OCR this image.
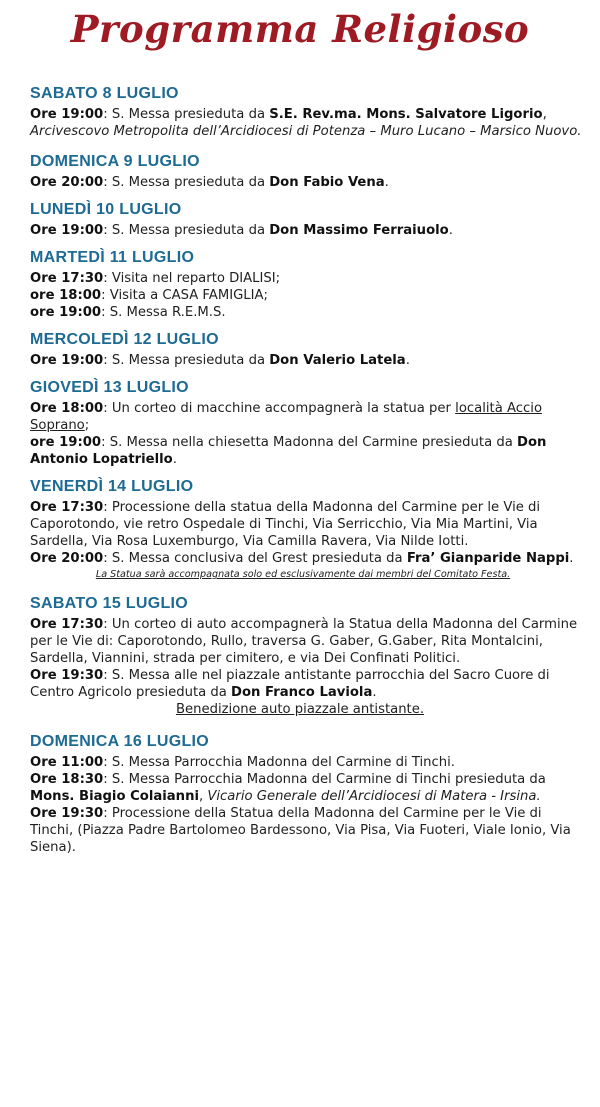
Programma Religioso
SABATO 8 LUGLIO
Ore 19:00: S. Messa presieduta da S.E. Rev.ma. Mons. Salvatore Ligorio, Arcivescovo Metropolita dell’Arcidiocesi di Potenza – Muro Lucano – Marsico Nuovo.
DOMENICA 9 LUGLIO
Ore 20:00: S. Messa presieduta da Don Fabio Vena.
LUNEDÌ 10 LUGLIO
Ore 19:00: S. Messa presieduta da Don Massimo Ferraiuolo.
MARTEDÌ 11 LUGLIO
Ore 17:30: Visita nel reparto DIALISI;
ore 18:00: Visita a CASA FAMIGLIA;
ore 19:00: S. Messa R.E.M.S.
MERCOLEDÌ 12 LUGLIO
Ore 19:00: S. Messa presieduta da Don Valerio Latela.
GIOVEDÌ 13 LUGLIO
Ore 18:00: Un corteo di macchine accompagnerà la statua per località Accio Soprano;
ore 19:00: S. Messa nella chiesetta Madonna del Carmine presieduta da Don Antonio Lopatriello.
VENERDÌ 14 LUGLIO
Ore 17:30: Processione della statua della Madonna del Carmine per le Vie di Caporotondo, vie retro Ospedale di Tinchi, Via Serricchio, Via Mia Martini, Via Sardella, Via Rosa Luxemburgo, Via Camilla Ravera, Via Nilde Iotti.
Ore 20:00: S. Messa conclusiva del Grest presieduta da Fra’ Gianparide Nappi.
La Statua sarà accompagnata solo ed esclusivamente dai membri del Comitato Festa.
SABATO 15 LUGLIO
Ore 17:30: Un corteo di auto accompagnerà la Statua della Madonna del Carmine per le Vie di: Caporotondo, Rullo, traversa G. Gaber, G.Gaber, Rita Montalcini, Sardella, Viannini, strada per cimitero, e via Dei Confinati Politici.
Ore 19:30: S. Messa alle nel piazzale antistante parrocchia del Sacro Cuore di Centro Agricolo presieduta da Don Franco Laviola.
Benedizione auto piazzale antistante.
DOMENICA 16 LUGLIO
Ore 11:00: S. Messa Parrocchia Madonna del Carmine di Tinchi.
Ore 18:30: S. Messa Parrocchia Madonna del Carmine di Tinchi presieduta da Mons. Biagio Colaianni, Vicario Generale dell’Arcidiocesi di Matera - Irsina.
Ore 19:30: Processione della Statua della Madonna del Carmine per le Vie di Tinchi, (Piazza Padre Bartolomeo Bardessono, Via Pisa, Via Fuoteri, Viale Ionio, Via Siena).
